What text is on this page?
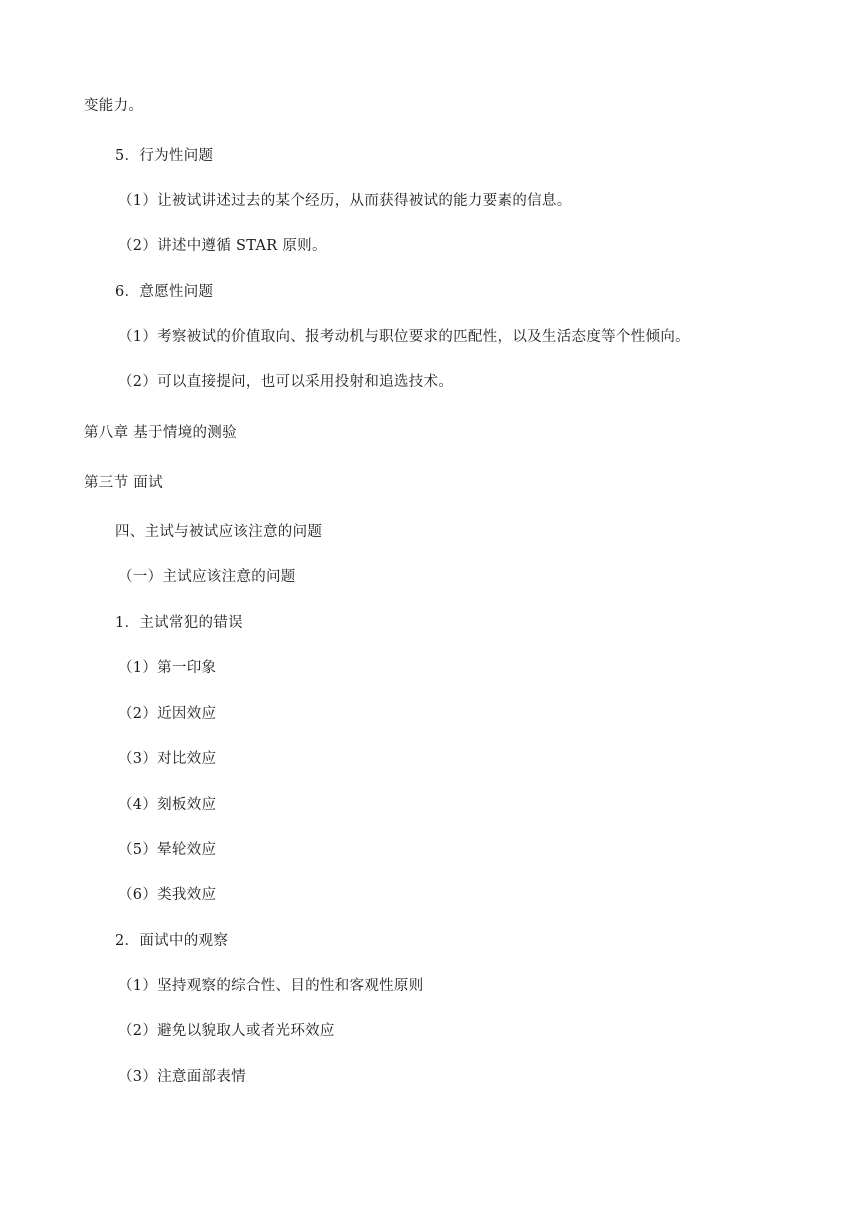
变能力。
5．行为性问题
（1）让被试讲述过去的某个经历，从而获得被试的能力要素的信息。
（2）讲述中遵循 STAR 原则。
6．意愿性问题
（1）考察被试的价值取向、报考动机与职位要求的匹配性，以及生活态度等个性倾向。
（2）可以直接提问，也可以采用投射和追选技术。
第八章 基于情境的测验
第三节 面试
四、主试与被试应该注意的问题
（一）主试应该注意的问题
1．主试常犯的错误
（1）第一印象
（2）近因效应
（3）对比效应
（4）刻板效应
（5）晕轮效应
（6）类我效应
2．面试中的观察
（1）坚持观察的综合性、目的性和客观性原则
（2）避免以貌取人或者光环效应
（3）注意面部表情
